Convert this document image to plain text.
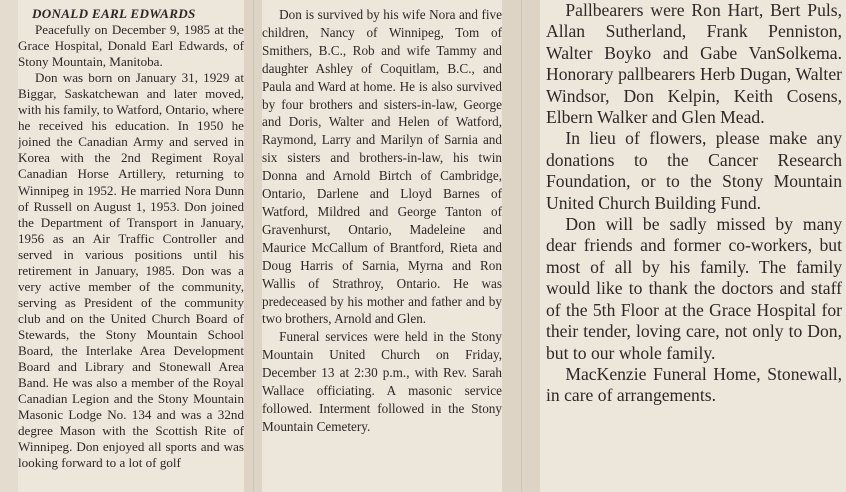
DONALD EARL EDWARDS

Peacefully on December 9, 1985 at the Grace Hospital, Donald Earl Edwards, of Stony Mountain, Manitoba.

Don was born on January 31, 1929 at Biggar, Saskatchewan and later moved, with his family, to Watford, Ontario, where he received his education. In 1950 he joined the Canadian Army and served in Korea with the 2nd Regiment Royal Canadian Horse Artillery, returning to Winnipeg in 1952. He married Nora Dunn of Russell on August 1, 1953. Don joined the Department of Transport in January, 1956 as an Air Traffic Controller and served in various positions until his retirement in January, 1985. Don was a very active member of the community, serving as President of the community club and on the United Church Board of Stewards, the Stony Mountain School Board, the Interlake Area Development Board and Library and Stonewall Area Band. He was also a member of the Royal Canadian Legion and the Stony Mountain Masonic Lodge No. 134 and was a 32nd degree Mason with the Scottish Rite of Winnipeg. Don enjoyed all sports and was looking forward to a lot of golf

Don is survived by his wife Nora and five children, Nancy of Winnipeg, Tom of Smithers, B.C., Rob and wife Tammy and daughter Ashley of Coquitlam, B.C., and Paula and Ward at home. He is also survived by four brothers and sisters-in-law, George and Doris, Walter and Helen of Watford, Raymond, Larry and Marilyn of Sarnia and six sisters and brothers-in-law, his twin Donna and Arnold Birtch of Cambridge, Ontario, Darlene and Lloyd Barnes of Watford, Mildred and George Tanton of Gravenhurst, Ontario, Madeleine and Maurice McCallum of Brantford, Rieta and Doug Harris of Sarnia, Myrna and Ron Wallis of Strathroy, Ontario. He was predeceased by his mother and father and by two brothers, Arnold and Glen.

Funeral services were held in the Stony Mountain United Church on Friday, December 13 at 2:30 p.m., with Rev. Sarah Wallace officiating. A masonic service followed. Interment followed in the Stony Mountain Cemetery.

Pallbearers were Ron Hart, Bert Puls, Allan Sutherland, Frank Penniston, Walter Boyko and Gabe VanSolkema. Honorary pallbearers Herb Dugan, Walter Windsor, Don Kelpin, Keith Cosens, Elbern Walker and Glen Mead.

In lieu of flowers, please make any donations to the Cancer Research Foundation, or to the Stony Mountain United Church Building Fund.

Don will be sadly missed by many dear friends and former co-workers, but most of all by his family. The family would like to thank the doctors and staff of the 5th Floor at the Grace Hospital for their tender, loving care, not only to Don, but to our whole family.

MacKenzie Funeral Home, Stonewall, in care of arrangements.
